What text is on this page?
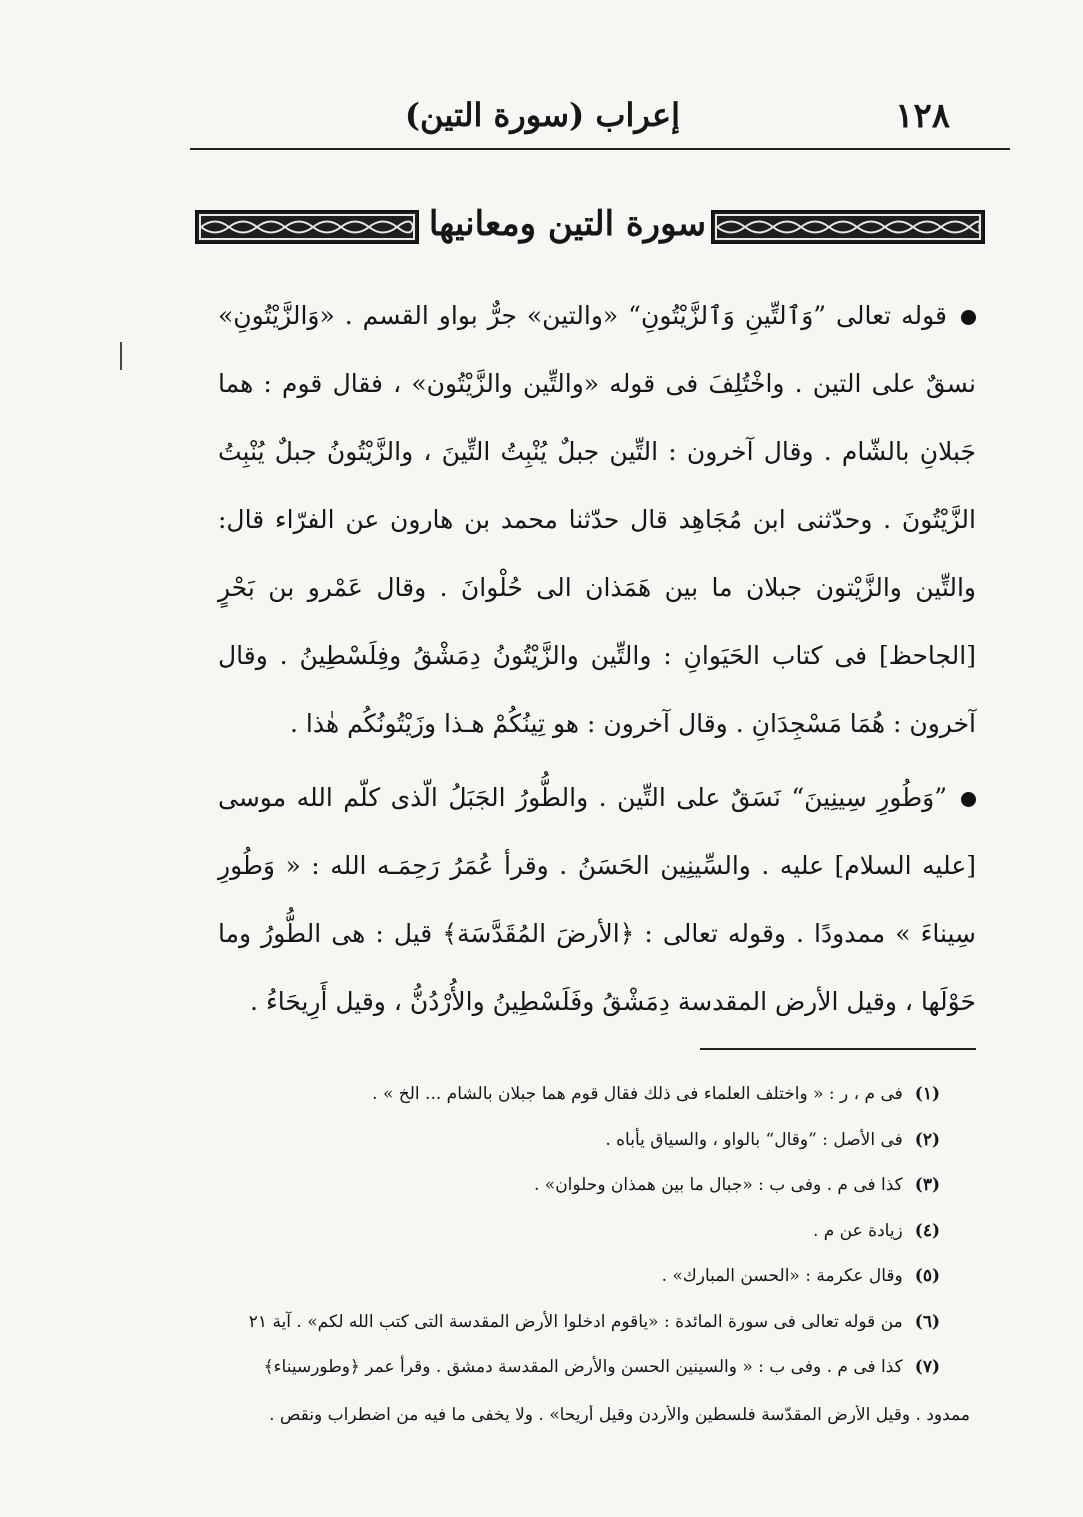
١٢٨
إعراب (سورة التين)
سورة التين ومعانيها

قوله تعالى ”وَٱلتِّينِ وَٱلزَّيْتُونِ“ «والتين» جرٌّ بواو القسم . «وَالزَّيْتُونِ» نسقٌ على التين . واخْتُلِفَ فى قوله «والتِّين والزَّيْتُون» ، فقال قوم : هما جَبلانِ بالشّام . وقال آخرون : التِّين جبلٌ يُنْبِتُ التِّينَ ، والزَّيْتُونُ جبلٌ يُنْبِتُ الزَّيْتُونَ . وحدّثنى ابن مُجَاهِد قال حدّثنا محمد بن هارون عن الفرّاء قال: والتِّين والزَّيْتون جبلان ما بين هَمَذان الى حُلْوانَ . وقال عَمْرو بن بَحْرٍ [الجاحظ] فى كتاب الحَيَوانِ : والتِّين والزَّيْتُونُ دِمَشْقُ وفِلَسْطِينُ . وقال آخرون : هُمَا مَسْجِدَانِ . وقال آخرون : هو تِينُكُمْ هـذا وزَيْتُونُكُم هٰذا .

”وَطُورِ سِينِينَ“ نَسَقٌ على التِّين . والطُّورُ الجَبَلُ الّذى كلّم الله موسى [عليه السلام] عليه . والسِّينِين الحَسَنُ . وقرأ عُمَرُ رَحِمَـه الله : « وَطُورِ سِيناءَ » ممدودًا . وقوله تعالى : ﴿الأرضَ المُقَدَّسَة﴾ قيل : هى الطُّورُ وما حَوْلَها ، وقيل الأرض المقدسة دِمَشْقُ وفَلَسْطِينُ والأُرْدُنُّ ، وقيل أَرِيحَاءُ .

(١)فى م ، ر : « واختلف العلماء فى ذلك فقال قوم هما جبلان بالشام ... الخ » .
(٢)فى الأصل : ”وقال“ بالواو ، والسياق يأباه .
(٣)كذا فى م . وفى ب : «جبال ما بين همذان وحلوان» .
(٤)زيادة عن م .
(٥)وقال عكرمة : «الحسن المبارك» .
(٦)من قوله تعالى فى سورة المائدة : «ياقوم ادخلوا الأرض المقدسة التى كتب الله لكم» . آية ٢١
(٧)كذا فى م . وفى ب : « والسينين الحسن والأرض المقدسة دمشق . وقرأ عمر ﴿وطورسيناء﴾
ممدود . وقيل الأرض المقدّسة فلسطين والأردن وقيل أريحا» . ولا يخفى ما فيه من اضطراب ونقص .
